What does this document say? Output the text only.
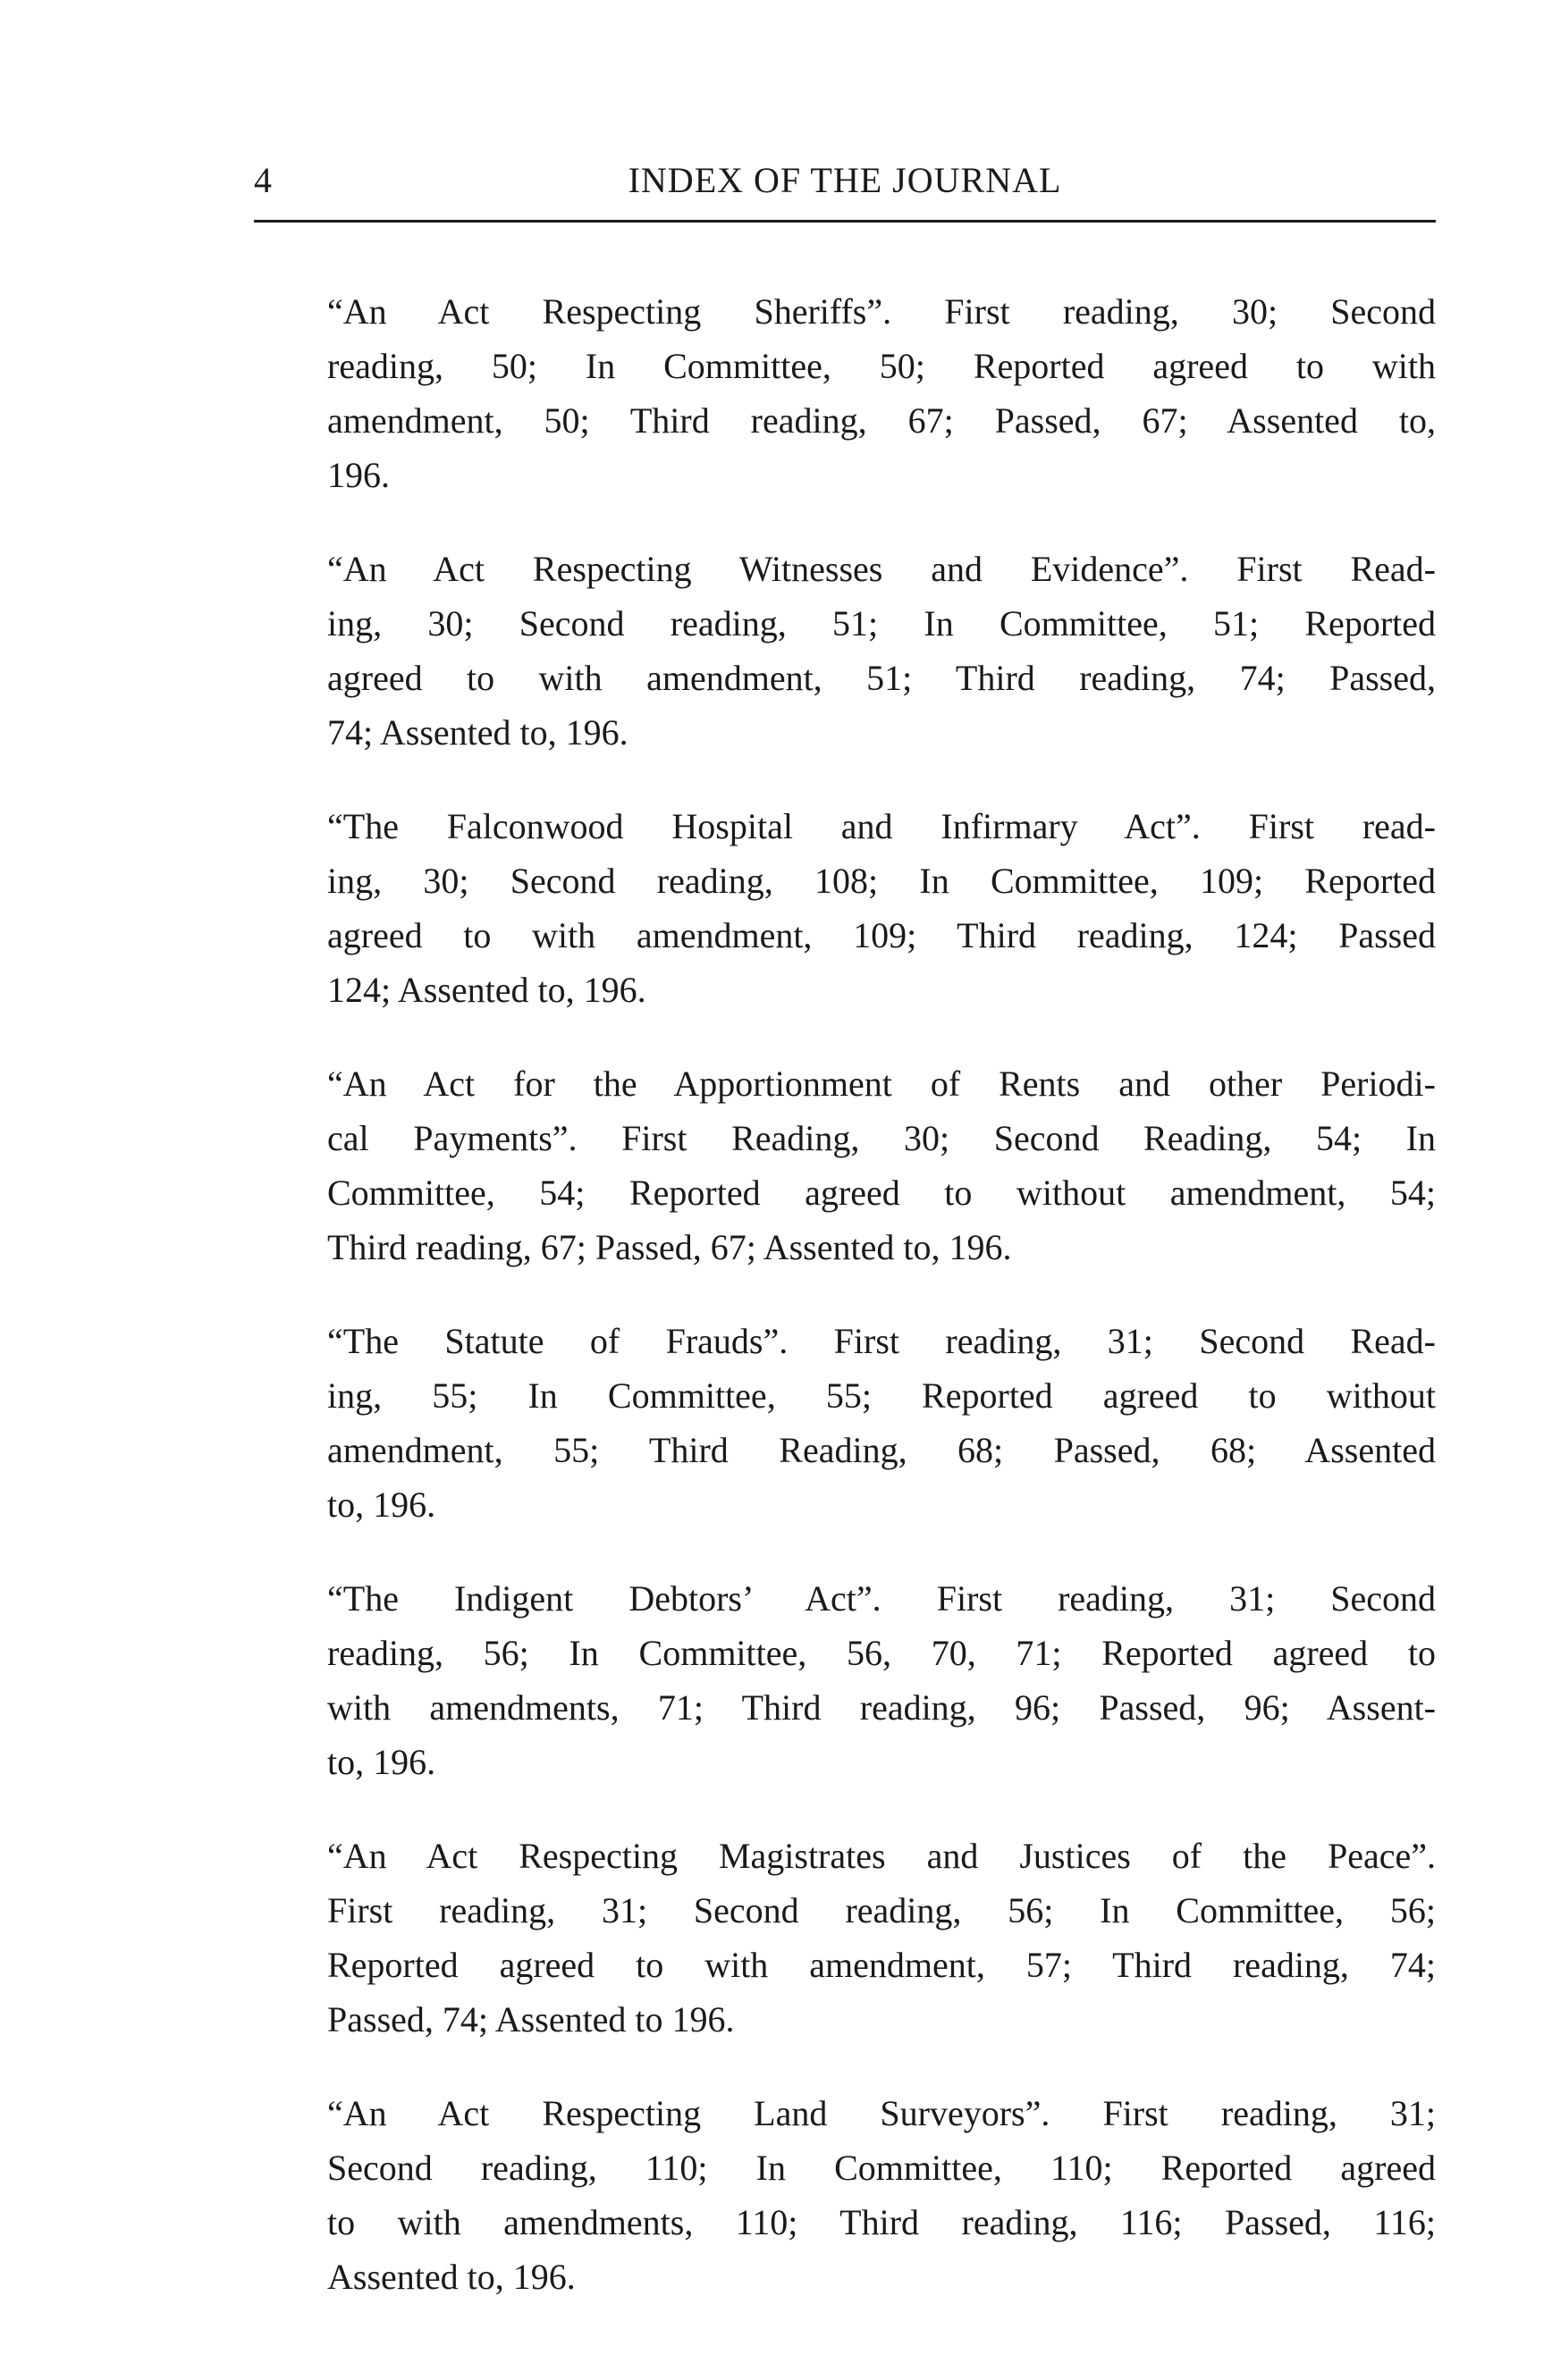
4	INDEX OF THE JOURNAL

“An Act Respecting Sheriffs”. First reading, 30; Second
reading, 50; In Committee, 50; Reported agreed to with
amendment, 50; Third reading, 67; Passed, 67; Assented to,
196.

“An Act Respecting Witnesses and Evidence”. First Read-
ing, 30; Second reading, 51; In Committee, 51; Reported
agreed to with amendment, 51; Third reading, 74; Passed,
74; Assented to, 196.

“The Falconwood Hospital and Infirmary Act”. First read-
ing, 30; Second reading, 108; In Committee, 109; Reported
agreed to with amendment, 109; Third reading, 124; Passed
124; Assented to, 196.

“An Act for the Apportionment of Rents and other Periodi-
cal Payments”. First Reading, 30; Second Reading, 54; In
Committee, 54; Reported agreed to without amendment, 54;
Third reading, 67; Passed, 67; Assented to, 196.

“The Statute of Frauds”. First reading, 31; Second Read-
ing, 55; In Committee, 55; Reported agreed to without
amendment, 55; Third Reading, 68; Passed, 68; Assented
to, 196.

“The Indigent Debtors’ Act”. First reading, 31; Second
reading, 56; In Committee, 56, 70, 71; Reported agreed to
with amendments, 71; Third reading, 96; Passed, 96; Assent-
to, 196.

“An Act Respecting Magistrates and Justices of the Peace”.
First reading, 31; Second reading, 56; In Committee, 56;
Reported agreed to with amendment, 57; Third reading, 74;
Passed, 74; Assented to 196.

“An Act Respecting Land Surveyors”. First reading, 31;
Second reading, 110; In Committee, 110; Reported agreed
to with amendments, 110; Third reading, 116; Passed, 116;
Assented to, 196.
